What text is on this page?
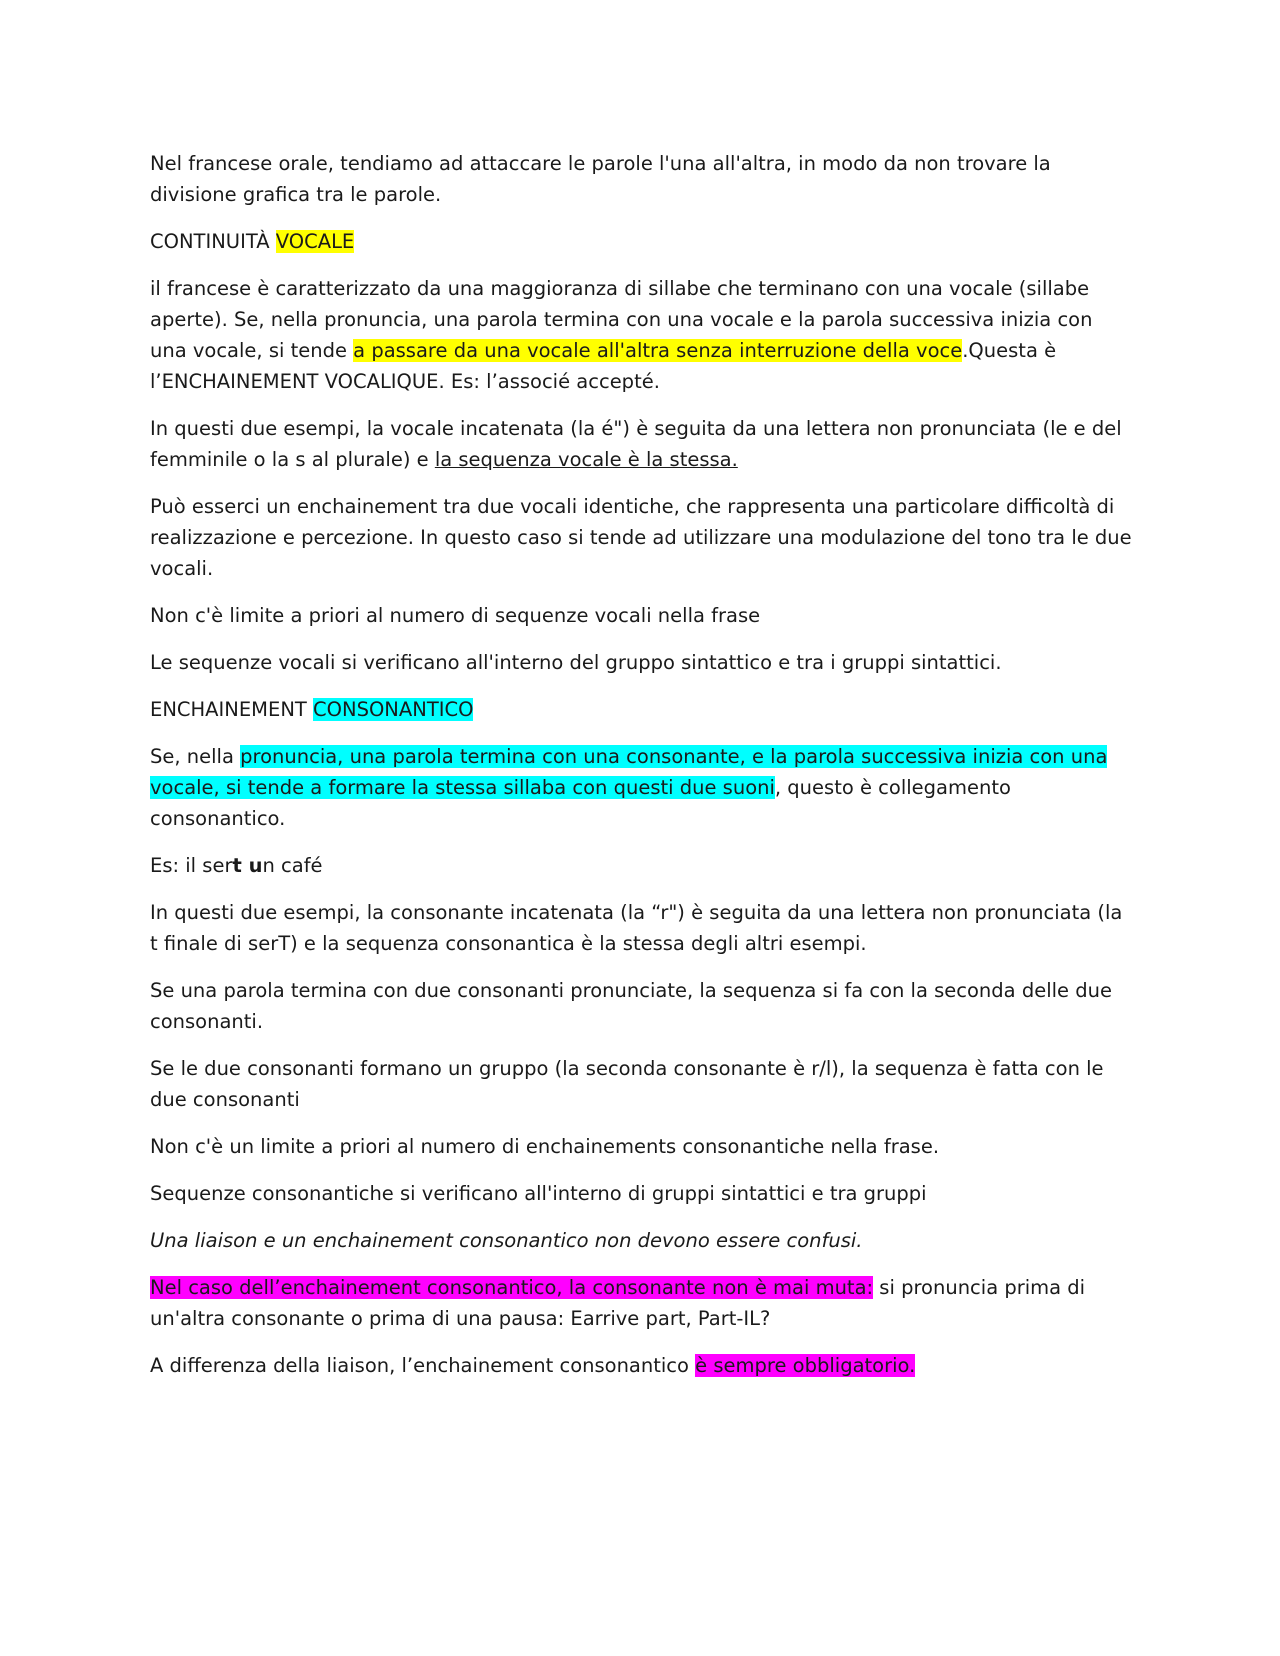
Nel francese orale, tendiamo ad attaccare le parole l'una all'altra, in modo da non trovare la divisione grafica tra le parole.

CONTINUITÀ VOCALE

il francese è caratterizzato da una maggioranza di sillabe che terminano con una vocale (sillabe aperte). Se, nella pronuncia, una parola termina con una vocale e la parola successiva inizia con una vocale, si tende a passare da una vocale all'altra senza interruzione della voce.Questa è l’ENCHAINEMENT VOCALIQUE. Es: l’associé accepté.

In questi due esempi, la vocale incatenata (la é") è seguita da una lettera non pronunciata (le e del femminile o la s al plurale) e la sequenza vocale è la stessa.

Può esserci un enchainement tra due vocali identiche, che rappresenta una particolare difficoltà di realizzazione e percezione. In questo caso si tende ad utilizzare una modulazione del tono tra le due vocali.

Non c'è limite a priori al numero di sequenze vocali nella frase

Le sequenze vocali si verificano all'interno del gruppo sintattico e tra i gruppi sintattici.

ENCHAINEMENT CONSONANTICO

Se, nella pronuncia, una parola termina con una consonante, e la parola successiva inizia con una vocale, si tende a formare la stessa sillaba con questi due suoni, questo è collegamento consonantico.

Es: il sert un café

In questi due esempi, la consonante incatenata (la “r") è seguita da una lettera non pronunciata (la t finale di serT) e la sequenza consonantica è la stessa degli altri esempi.

Se una parola termina con due consonanti pronunciate, la sequenza si fa con la seconda delle due consonanti.

Se le due consonanti formano un gruppo (la seconda consonante è r/l), la sequenza è fatta con le due consonanti

Non c'è un limite a priori al numero di enchainements consonantiche nella frase.

Sequenze consonantiche si verificano all'interno di gruppi sintattici e tra gruppi

Una liaison e un enchainement consonantico non devono essere confusi.

Nel caso dell’enchainement consonantico, la consonante non è mai muta: si pronuncia prima di un'altra consonante o prima di una pausa: Earrive part, Part-IL?

A differenza della liaison, l’enchainement consonantico è sempre obbligatorio.
